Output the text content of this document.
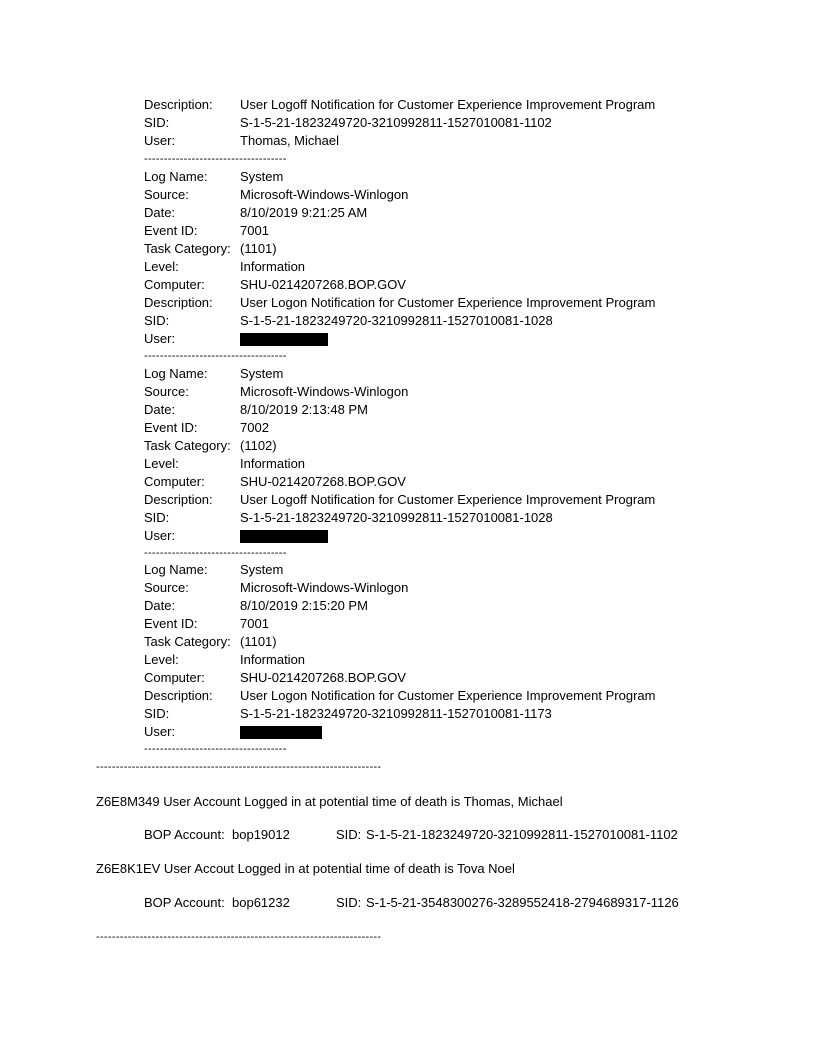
Description:	User Logoff Notification for Customer Experience Improvement Program
SID:	S-1-5-21-1823249720-3210992811-1527010081-1102
User:	Thomas, Michael
------------------------------------
Log Name:	System
Source:	Microsoft-Windows-Winlogon
Date:	8/10/2019 9:21:25 AM
Event ID:	7001
Task Category: (1101)
Level:	Information
Computer:	SHU-0214207268.BOP.GOV
Description:	User Logon Notification for Customer Experience Improvement Program
SID:	S-1-5-21-1823249720-3210992811-1527010081-1028
User:
------------------------------------
Log Name:	System
Source:	Microsoft-Windows-Winlogon
Date:	8/10/2019 2:13:48 PM
Event ID:	7002
Task Category: (1102)
Level:	Information
Computer:	SHU-0214207268.BOP.GOV
Description:	User Logoff Notification for Customer Experience Improvement Program
SID:	S-1-5-21-1823249720-3210992811-1527010081-1028
User:
------------------------------------
Log Name:	System
Source:	Microsoft-Windows-Winlogon
Date:	8/10/2019 2:15:20 PM
Event ID:	7001
Task Category: (1101)
Level:	Information
Computer:	SHU-0214207268.BOP.GOV
Description:	User Logon Notification for Customer Experience Improvement Program
SID:	S-1-5-21-1823249720-3210992811-1527010081-1173
User:
------------------------------------
------------------------------------------------------------------------
Z6E8M349 User Account Logged in at potential time of death is Thomas, Michael
BOP Account: bop19012	SID: S-1-5-21-1823249720-3210992811-1527010081-1102
Z6E8K1EV User Accout Logged in at potential time of death is Tova Noel
BOP Account: bop61232	SID: S-1-5-21-3548300276-3289552418-2794689317-1126
------------------------------------------------------------------------
